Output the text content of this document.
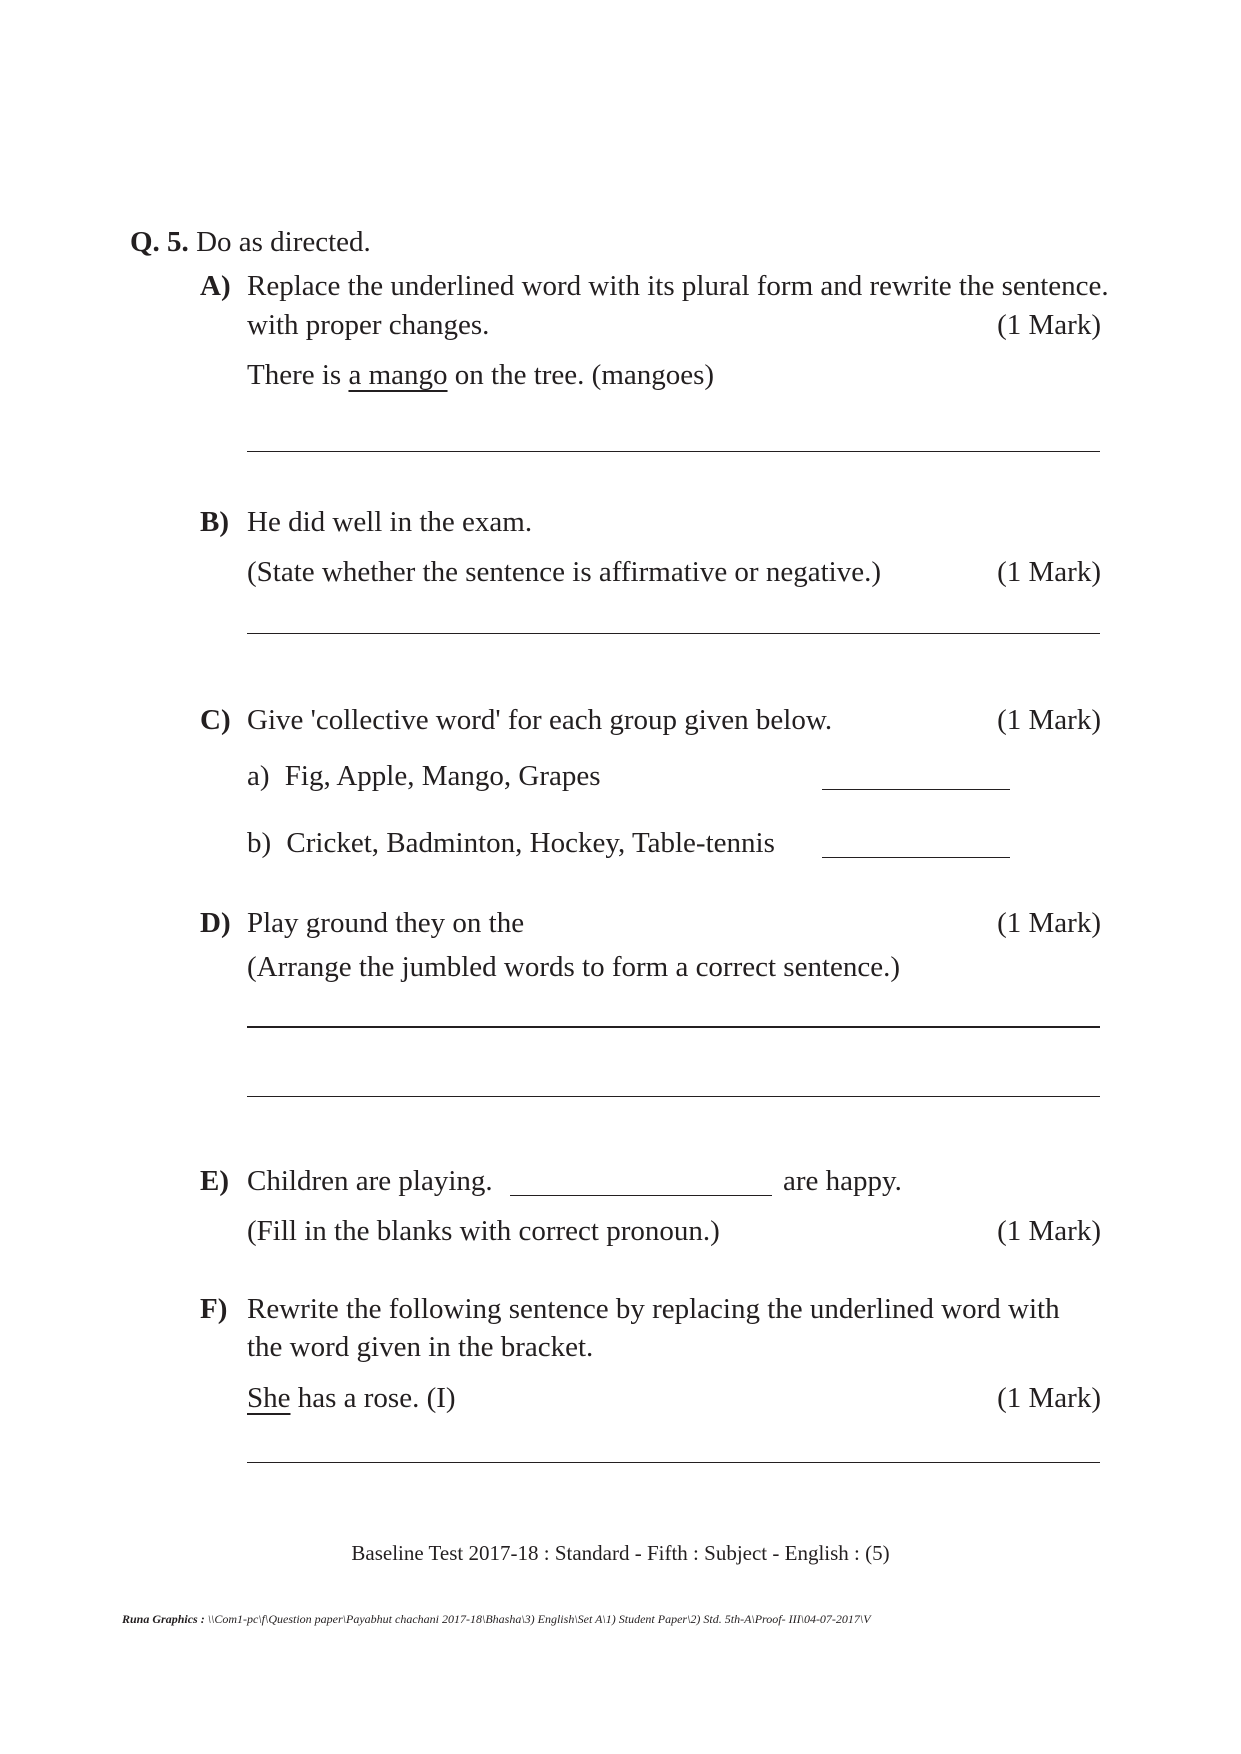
Q. 5. Do as directed.
A) Replace the underlined word with its plural form and rewrite the sentence.
with proper changes.	(1 Mark)
There is a mango on the tree. (mangoes)
B) He did well in the exam.
(State whether the sentence is affirmative or negative.)	(1 Mark)
C) Give 'collective word' for each group given below.	(1 Mark)
a) Fig, Apple, Mango, Grapes
b) Cricket, Badminton, Hockey, Table-tennis
D) Play ground they on the	(1 Mark)
(Arrange the jumbled words to form a correct sentence.)
E) Children are playing.	are happy.
(Fill in the blanks with correct pronoun.)	(1 Mark)
F) Rewrite the following sentence by replacing the underlined word with
the word given in the bracket.
She has a rose. (I)	(1 Mark)
Baseline Test 2017-18 : Standard - Fifth : Subject - English : (5)
Runa Graphics : \\Com1-pc\f\Question paper\Payabhut chachani 2017-18\Bhasha\3) English\Set A\1) Student Paper\2) Std. 5th-A\Proof- III\04-07-2017\V
